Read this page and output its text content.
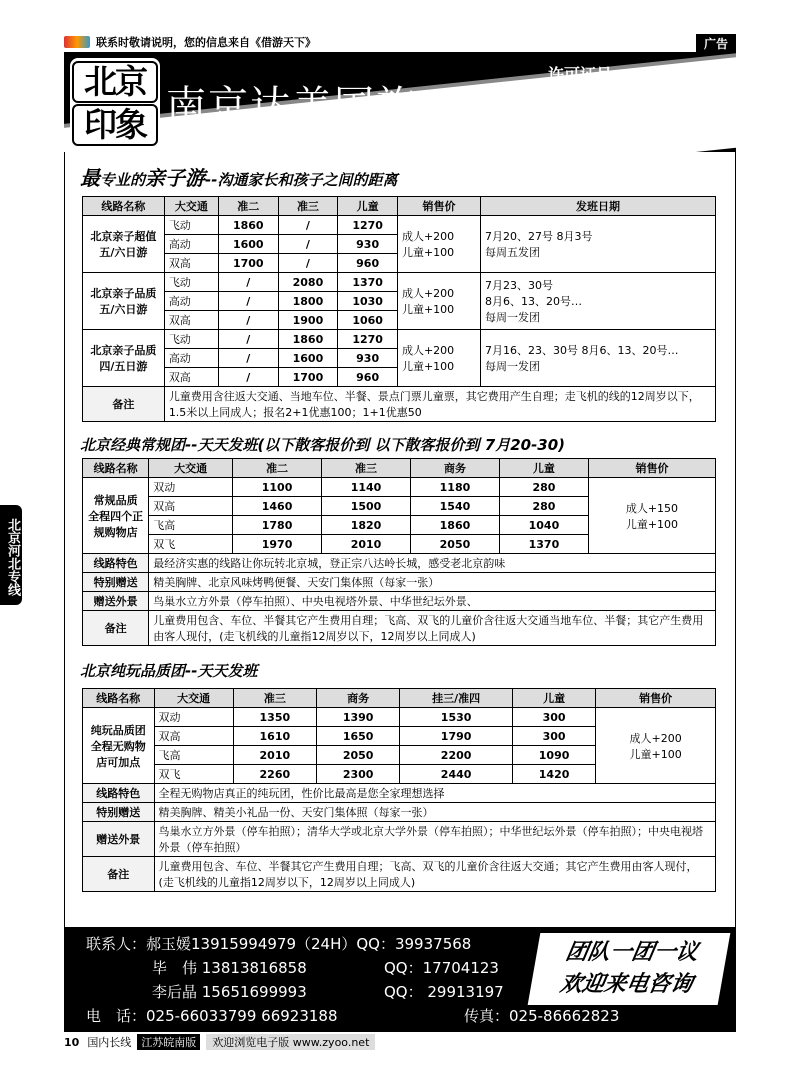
联系时敬请说明，您的信息来自《借游天下》	广告
北京
印象 南京达美国旅--北京良友南京办
许可证号：L-JS01667
北京河北专线
最专业的亲子游--沟通家长和孩子之间的距离
线路名称	大交通	准二	准三	儿童	销售价	发班日期
北京亲子超值五/六日游	飞动	1860	/	1270	成人+200
儿童+100	7月20、27号 8月3号
每周五发团
	高动	1600	/	930		
	双高	1700	/	960		
北京亲子品质五/六日游	飞动	/	2080	1370	成人+200
儿童+100	7月23、30号
8月6、13、20号…
每周一发团
	高动	/	1800	1030		
	双高	/	1900	1060		
北京亲子品质四/五日游	飞动	/	1860	1270	成人+200
儿童+100	7月16、23、30号 8月6、13、20号…
每周一发团
	高动	/	1600	930		
	双高	/	1700	960		
备注	儿童费用含往返大交通、当地车位、半餐、景点门票儿童票，其它费用产生自理；走飞机的线的12周岁以下，1.5米以上同成人；报名2+1优惠100；1+1优惠50					
北京经典常规团--天天发班(以下散客报价到 以下散客报价到 7月20-30)
线路名称	大交通	准二	准三	商务	儿童	销售价
常规品质
全程四个正规购物店	双动	1100	1140	1180	280	成人+150
儿童+100
	双高	1460	1500	1540	280	
	飞高	1780	1820	1860	1040	
	双飞	1970	2010	2050	1370	
线路特色	最经济实惠的线路让你玩转北京城，登正宗八达岭长城，感受老北京韵味					
特别赠送	精美胸牌、北京风味烤鸭便餐、天安门集体照（每家一张）					
赠送外景	鸟巢水立方外景（停车拍照）、中央电视塔外景、中华世纪坛外景、					
备注	儿童费用包含、车位、半餐其它产生费用自理；飞高、双飞的儿童价含往返大交通当地车位、半餐；其它产生费用由客人现付，(走飞机线的儿童指12周岁以下，12周岁以上同成人)					
北京纯玩品质团--天天发班
线路名称	大交通	准三	商务	挂三/准四	儿童	销售价
纯玩品质团
全程无购物店可加点	双动	1350	1390	1530	300	成人+200
儿童+100
	双高	1610	1650	1790	300	
	飞高	2010	2050	2200	1090	
	双飞	2260	2300	2440	1420	
线路特色	全程无购物店真正的纯玩团，性价比最高是您全家理想选择					
特别赠送	精美胸牌、精美小礼品一份、天安门集体照（每家一张）					
赠送外景	鸟巢水立方外景（停车拍照）；清华大学或北京大学外景（停车拍照）；中华世纪坛外景（停车拍照）；中央电视塔外景（停车拍照）					
备注	儿童费用包含、车位、半餐其它产生费用自理；飞高、双飞的儿童价含往返大交通；其它产生费用由客人现付，(走飞机线的儿童指12周岁以下，12周岁以上同成人)					
联系人：郝玉媛13915994979（24H）QQ：39937568
毕　伟 13813816858	QQ：17704123
李后晶 15651699993	QQ： 29913197
电　话：025-66033799 66923188	传真：025-86662823
团队一团一议
欢迎来电咨询
10 国内长线 江苏皖南版	欢迎浏览电子版 www.zyoo.net
